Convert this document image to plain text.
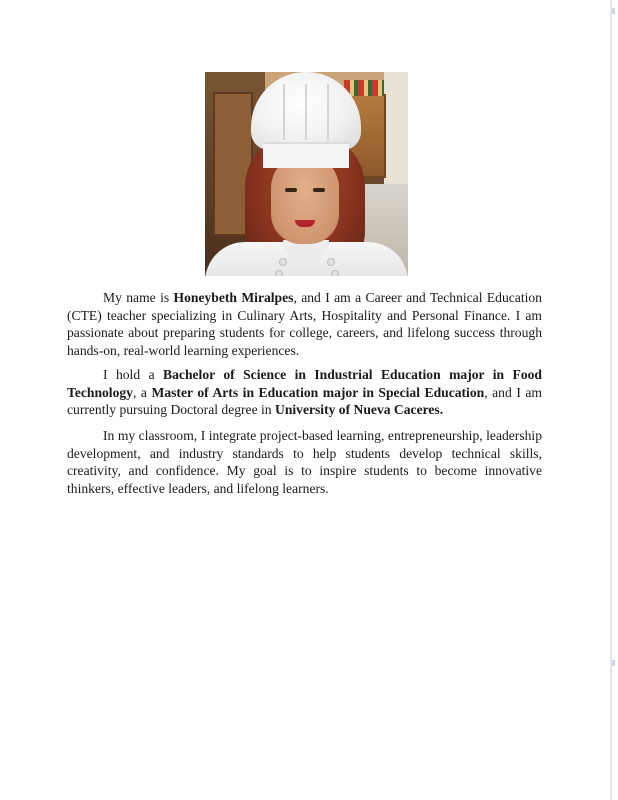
My name is Honeybeth Miralpes, and I am a Career and Technical Education (CTE) teacher specializing in Culinary Arts, Hospitality and Personal Finance. I am passionate about preparing students for college, careers, and lifelong success through hands-on, real-world learning experiences.

I hold a Bachelor of Science in Industrial Education major in Food Technology, a Master of Arts in Education major in Special Education, and I am currently pursuing Doctoral degree in University of Nueva Caceres.

In my classroom, I integrate project-based learning, entrepreneurship, leadership development, and industry standards to help students develop technical skills, creativity, and confidence. My goal is to inspire students to become innovative thinkers, effective leaders, and lifelong learners.
